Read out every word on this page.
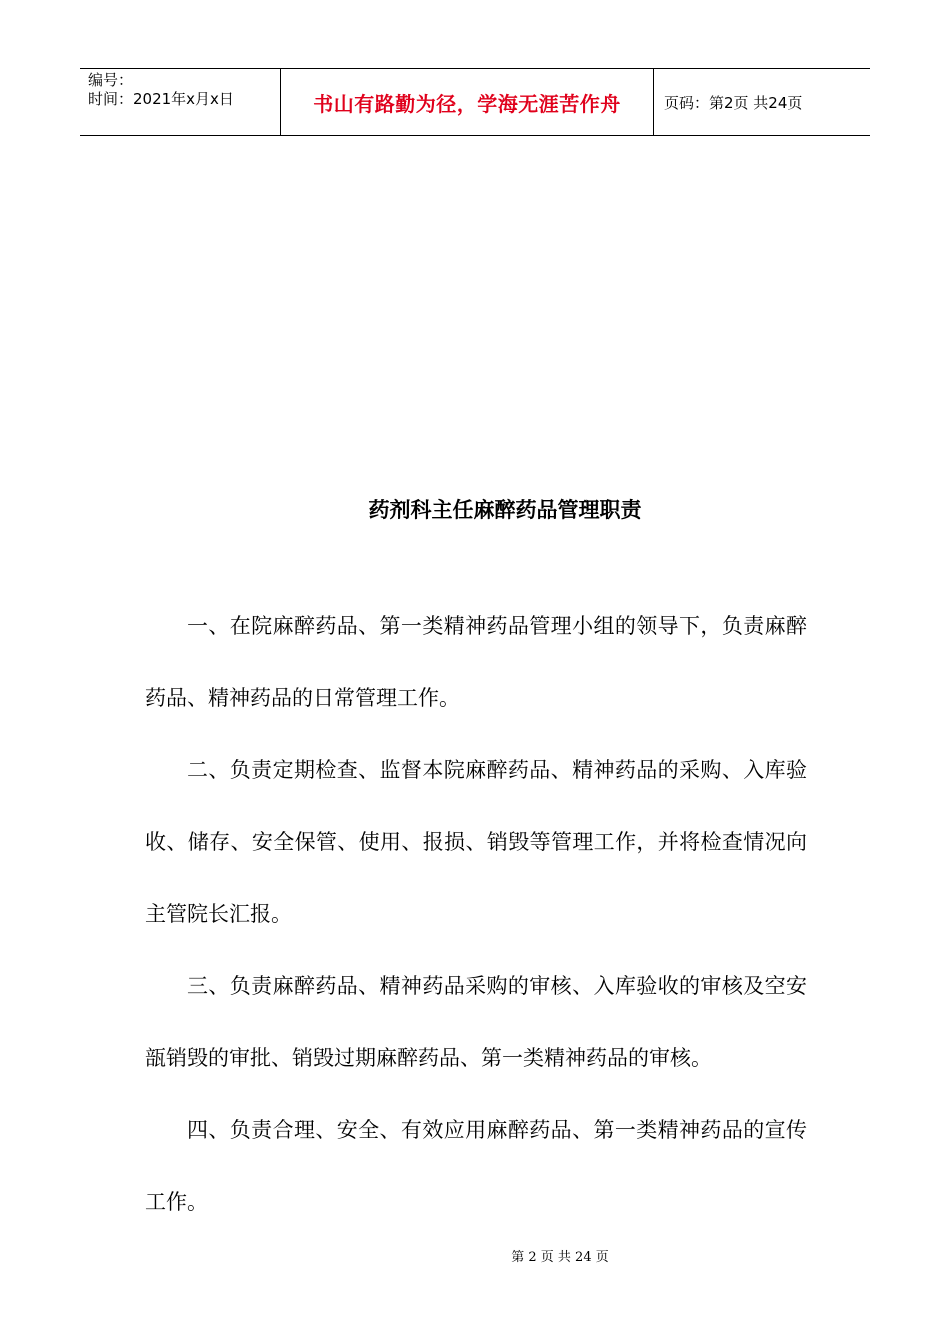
编号：
时间：2021年x月x日	书山有路勤为径，学海无涯苦作舟	页码：第2页 共24页
药剂科主任麻醉药品管理职责

一、在院麻醉药品、第一类精神药品管理小组的领导下，负责麻醉药品、精神药品的日常管理工作。

二、负责定期检查、监督本院麻醉药品、精神药品的采购、入库验收、储存、安全保管、使用、报损、销毁等管理工作，并将检查情况向主管院长汇报。

三、负责麻醉药品、精神药品采购的审核、入库验收的审核及空安瓿销毁的审批、销毁过期麻醉药品、第一类精神药品的审核。

四、负责合理、安全、有效应用麻醉药品、第一类精神药品的宣传工作。

第 2 页 共 24 页
